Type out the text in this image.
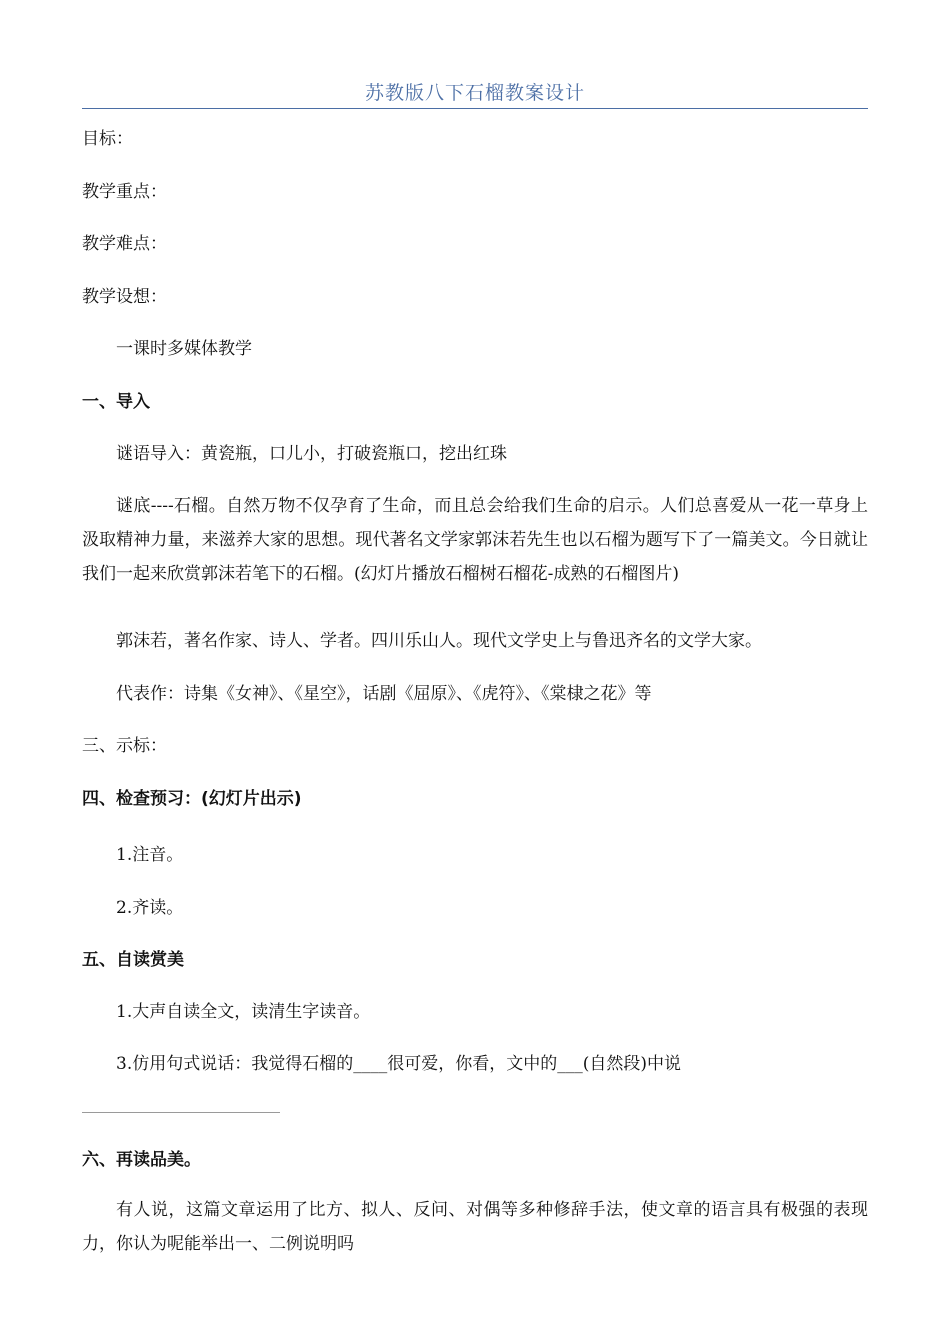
苏教版八下石榴教案设计
目标：
教学重点：
教学难点：
教学设想：
一课时多媒体教学
一、导入
谜语导入：黄瓷瓶，口儿小，打破瓷瓶口，挖出红珠
谜底----石榴。自然万物不仅孕育了生命，而且总会给我们生命的启示。人们总喜爱从一花一草身上汲取精神力量，来滋养大家的思想。现代著名文学家郭沫若先生也以石榴为题写下了一篇美文。今日就让我们一起来欣赏郭沫若笔下的石榴。(幻灯片播放石榴树石榴花-成熟的石榴图片)
郭沫若，著名作家、诗人、学者。四川乐山人。现代文学史上与鲁迅齐名的文学大家。
代表作：诗集《女神》、《星空》，话剧《屈原》、《虎符》、《棠棣之花》等
三、示标：
四、检查预习：(幻灯片出示)
1.注音。
2.齐读。
五、自读赏美
1.大声自读全文，读清生字读音。
3.仿用句式说话：我觉得石榴的____很可爱，你看，文中的___(自然段)中说
六、再读品美。
有人说，这篇文章运用了比方、拟人、反问、对偶等多种修辞手法，使文章的语言具有极强的表现力，你认为呢能举出一、二例说明吗
